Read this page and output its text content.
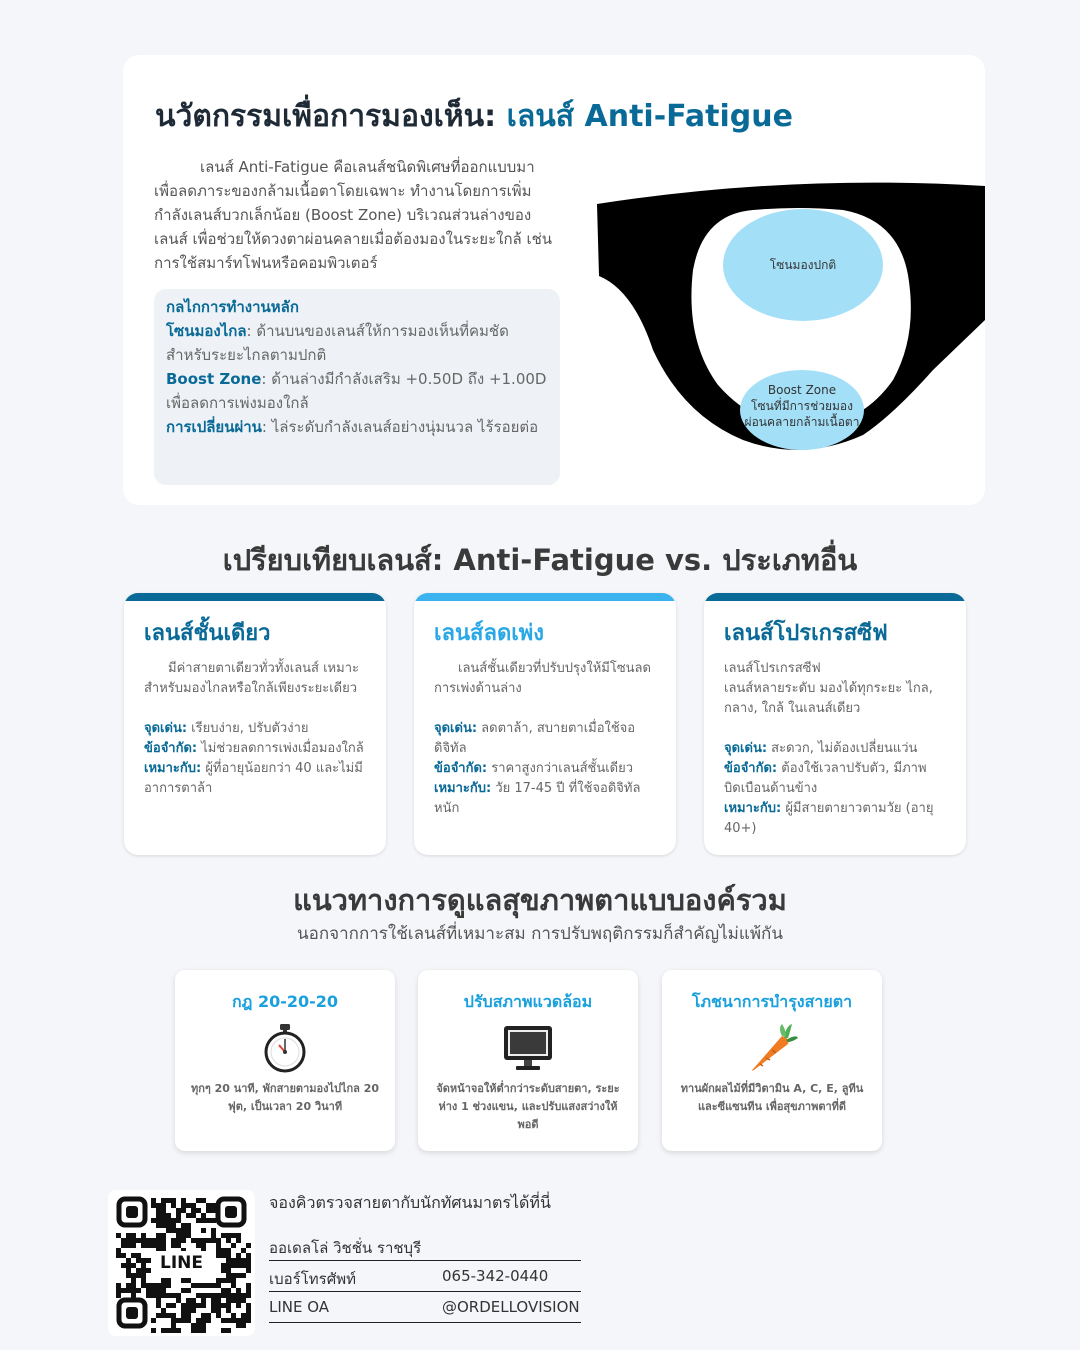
นวัตกรรมเพื่อการมองเห็น: เลนส์ Anti-Fatigue

เลนส์ Anti-Fatigue คือเลนส์ชนิดพิเศษที่ออกแบบมาเพื่อลดภาระของกล้ามเนื้อตาโดยเฉพาะ ทำงานโดยการเพิ่มกำลังเลนส์บวกเล็กน้อย (Boost Zone) บริเวณส่วนล่างของเลนส์ เพื่อช่วยให้ดวงตาผ่อนคลายเมื่อต้องมองในระยะใกล้ เช่น การใช้สมาร์ทโฟนหรือคอมพิวเตอร์

กลไกการทำงานหลัก
โซนมองไกล: ด้านบนของเลนส์ให้การมองเห็นที่คมชัดสำหรับระยะไกลตามปกติ
Boost Zone: ด้านล่างมีกำลังเสริม +0.50D ถึง +1.00D เพื่อลดการเพ่งมองใกล้
การเปลี่ยนผ่าน: ไล่ระดับกำลังเลนส์อย่างนุ่มนวล ไร้รอยต่อ
โซนมองปกติ
Boost Zone
โซนที่มีการช่วยมอง
ผ่อนคลายกล้ามเนื้อตา
เปรียบเทียบเลนส์: Anti-Fatigue vs. ประเภทอื่น
เลนส์ชั้นเดียว
มีค่าสายตาเดียวทั่วทั้งเลนส์ เหมาะสำหรับมองไกลหรือใกล้เพียงระยะเดียว
จุดเด่น: เรียบง่าย, ปรับตัวง่าย
ข้อจำกัด: ไม่ช่วยลดการเพ่งเมื่อมองใกล้
เหมาะกับ: ผู้ที่อายุน้อยกว่า 40 และไม่มีอาการตาล้า
เลนส์ลดเพ่ง
เลนส์ชั้นเดียวที่ปรับปรุงให้มีโซนลดการเพ่งด้านล่าง
จุดเด่น: ลดตาล้า, สบายตาเมื่อใช้จอดิจิทัล
ข้อจำกัด: ราคาสูงกว่าเลนส์ชั้นเดียว
เหมาะกับ: วัย 17-45 ปี ที่ใช้จอดิจิทัลหนัก
เลนส์โปรเกรสซีฟ
เลนส์โปรเกรสซีฟ
เลนส์หลายระดับ มองได้ทุกระยะ ไกล, กลาง, ใกล้ ในเลนส์เดียว
จุดเด่น: สะดวก, ไม่ต้องเปลี่ยนแว่น
ข้อจำกัด: ต้องใช้เวลาปรับตัว, มีภาพบิดเบือนด้านข้าง
เหมาะกับ: ผู้มีสายตายาวตามวัย (อายุ 40+)
แนวทางการดูแลสุขภาพตาแบบองค์รวม
นอกจากการใช้เลนส์ที่เหมาะสม การปรับพฤติกรรมก็สำคัญไม่แพ้กัน
กฎ 20-20-20

ทุกๆ 20 นาที, พักสายตามองไปไกล 20 ฟุต, เป็นเวลา 20 วินาที

ปรับสภาพแวดล้อม

จัดหน้าจอให้ต่ำกว่าระดับสายตา, ระยะห่าง 1 ช่วงแขน, และปรับแสงสว่างให้พอดี

โภชนาการบำรุงสายตา

ทานผักผลไม้ที่มีวิตามิน A, C, E, ลูทีน และซีแซนทีน เพื่อสุขภาพตาที่ดี

LINE
จองคิวตรวจสายตากับนักทัศนมาตรได้ที่นี่
ออเดลโล่ วิชชั่น ราชบุรี
เบอร์โทรศัพท์	065-342-0440
LINE OA	@ORDELLOVISION
